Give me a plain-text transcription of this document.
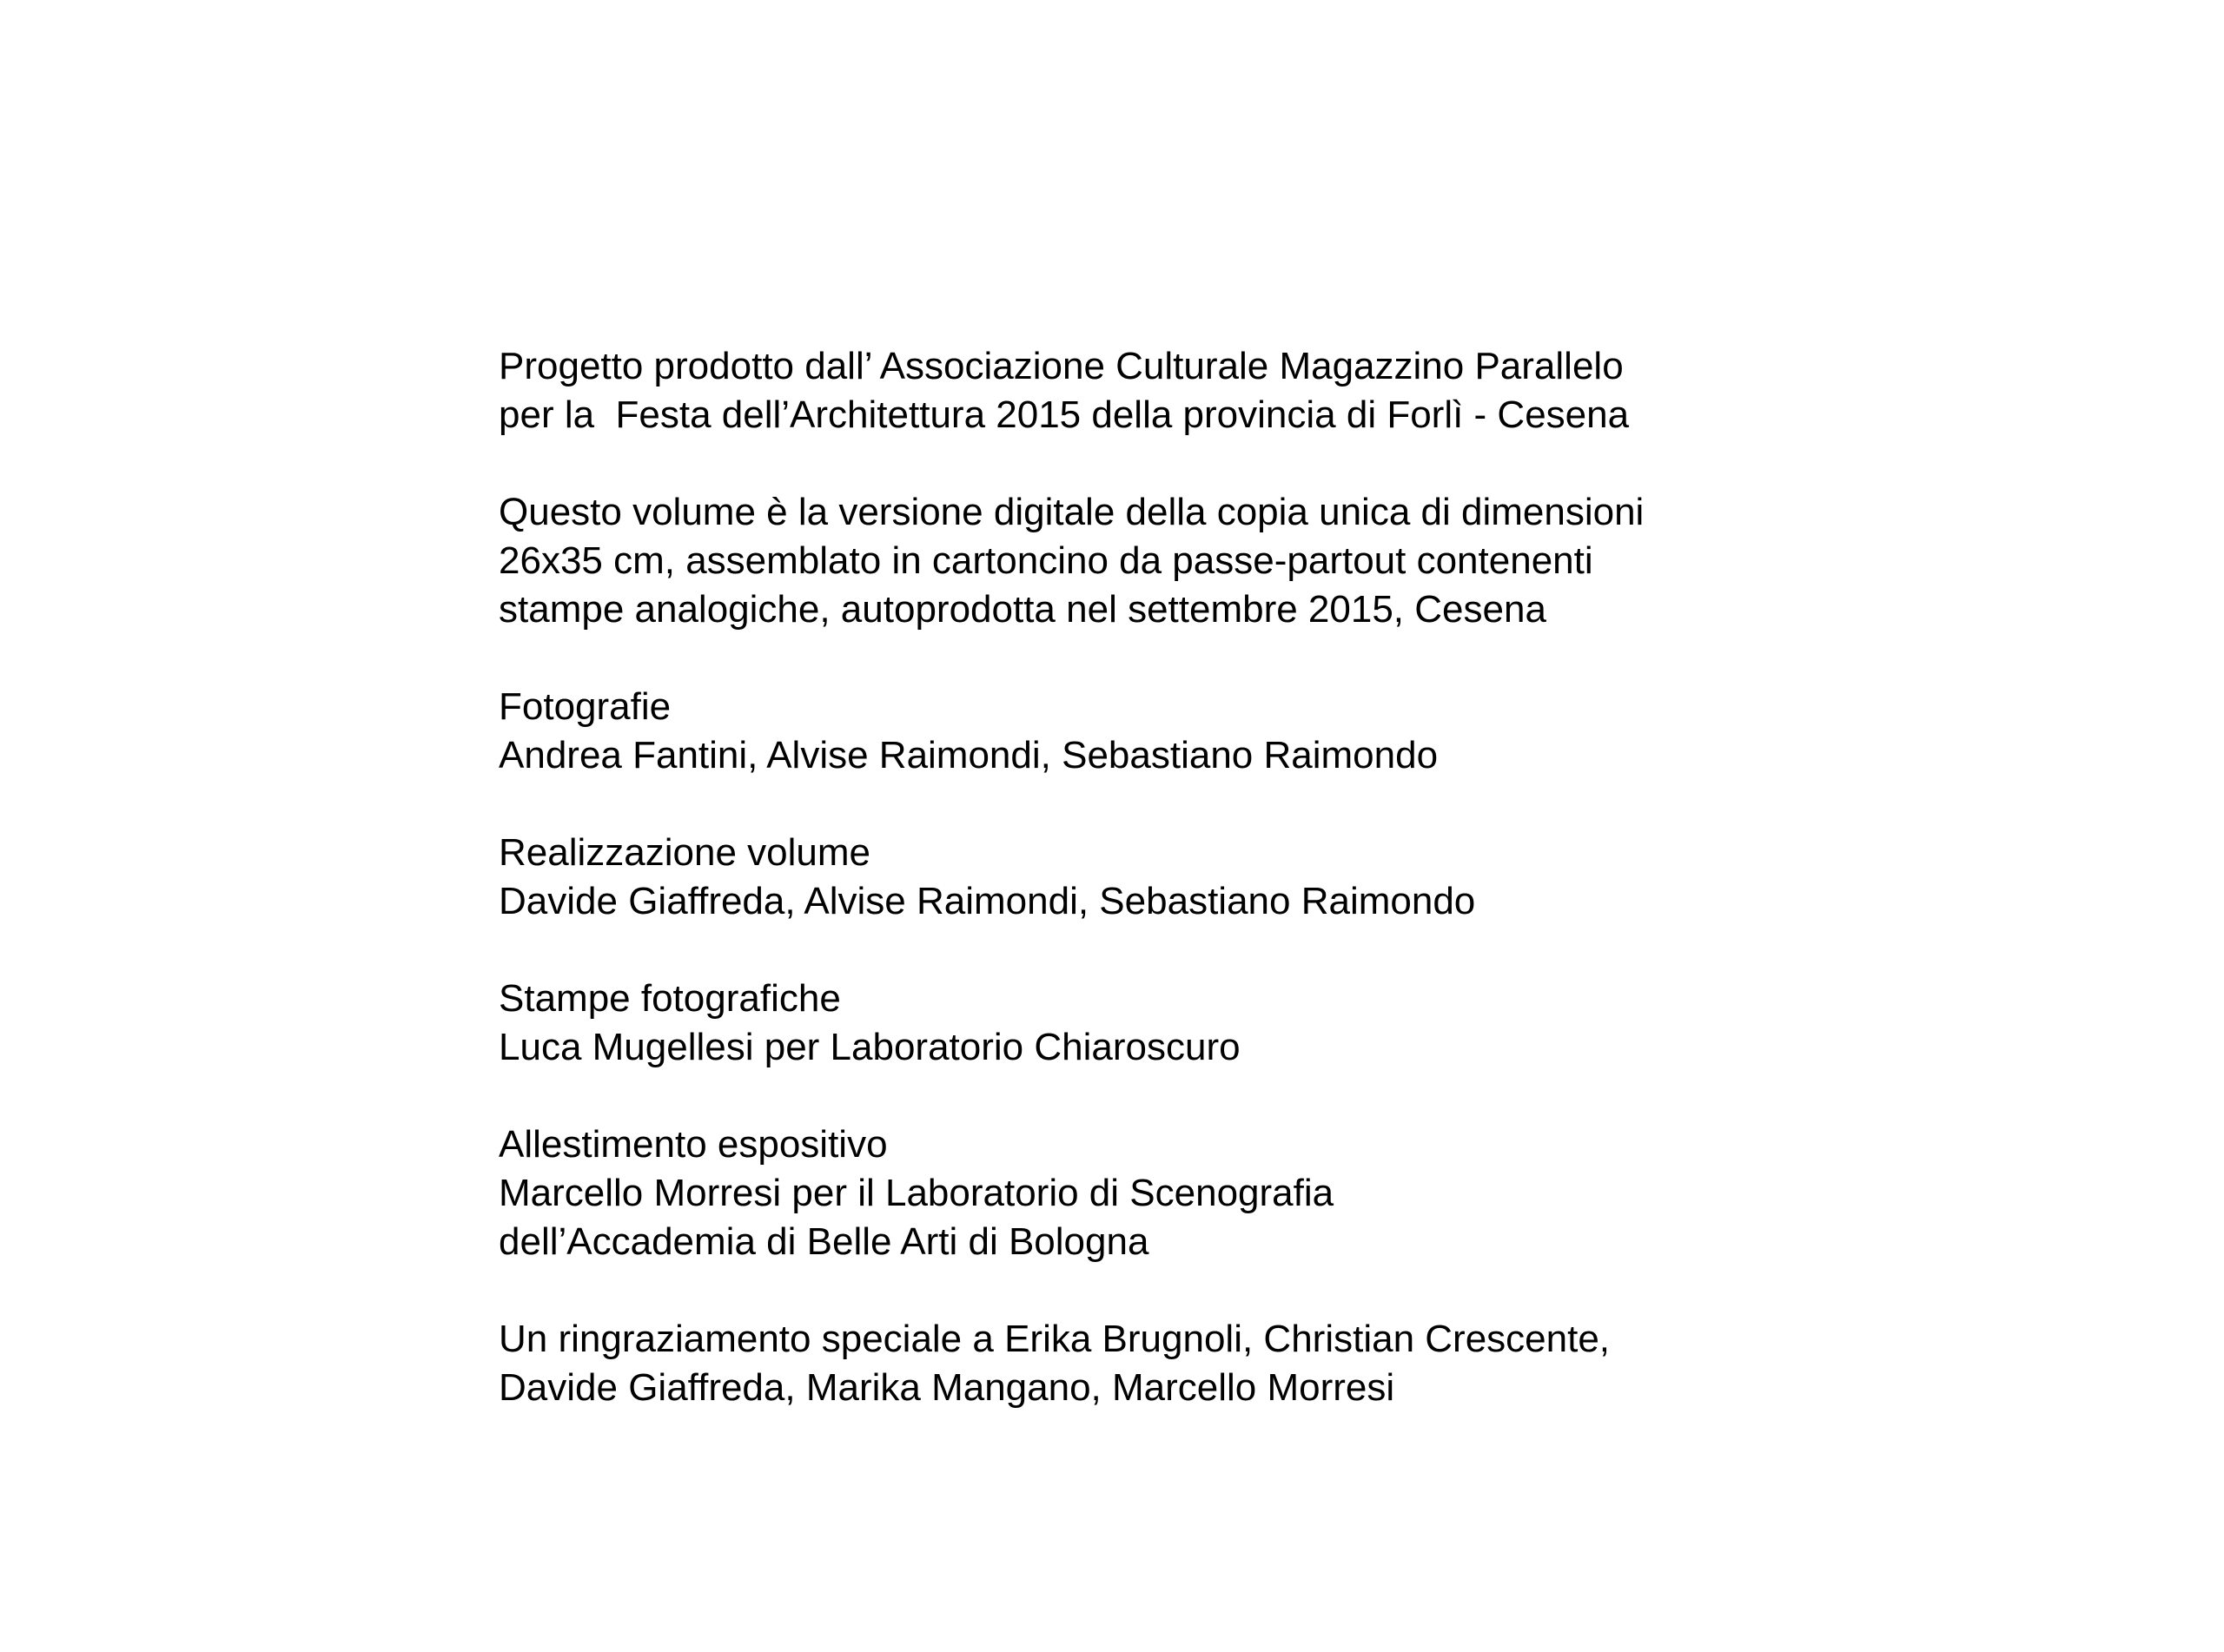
Progetto prodotto dall’ Associazione Culturale Magazzino Parallelo
per la  Festa dell’Architettura 2015 della provincia di Forlì - Cesena
Questo volume è la versione digitale della copia unica di dimensioni
26x35 cm, assemblato in cartoncino da passe-partout contenenti
stampe analogiche, autoprodotta nel settembre 2015, Cesena
Fotografie
Andrea Fantini, Alvise Raimondi, Sebastiano Raimondo
Realizzazione volume
Davide Giaffreda, Alvise Raimondi, Sebastiano Raimondo
Stampe fotografiche
Luca Mugellesi per Laboratorio Chiaroscuro
Allestimento espositivo
Marcello Morresi per il Laboratorio di Scenografia
dell’Accademia di Belle Arti di Bologna
Un ringraziamento speciale a Erika Brugnoli, Christian Crescente,
Davide Giaffreda, Marika Mangano, Marcello Morresi
